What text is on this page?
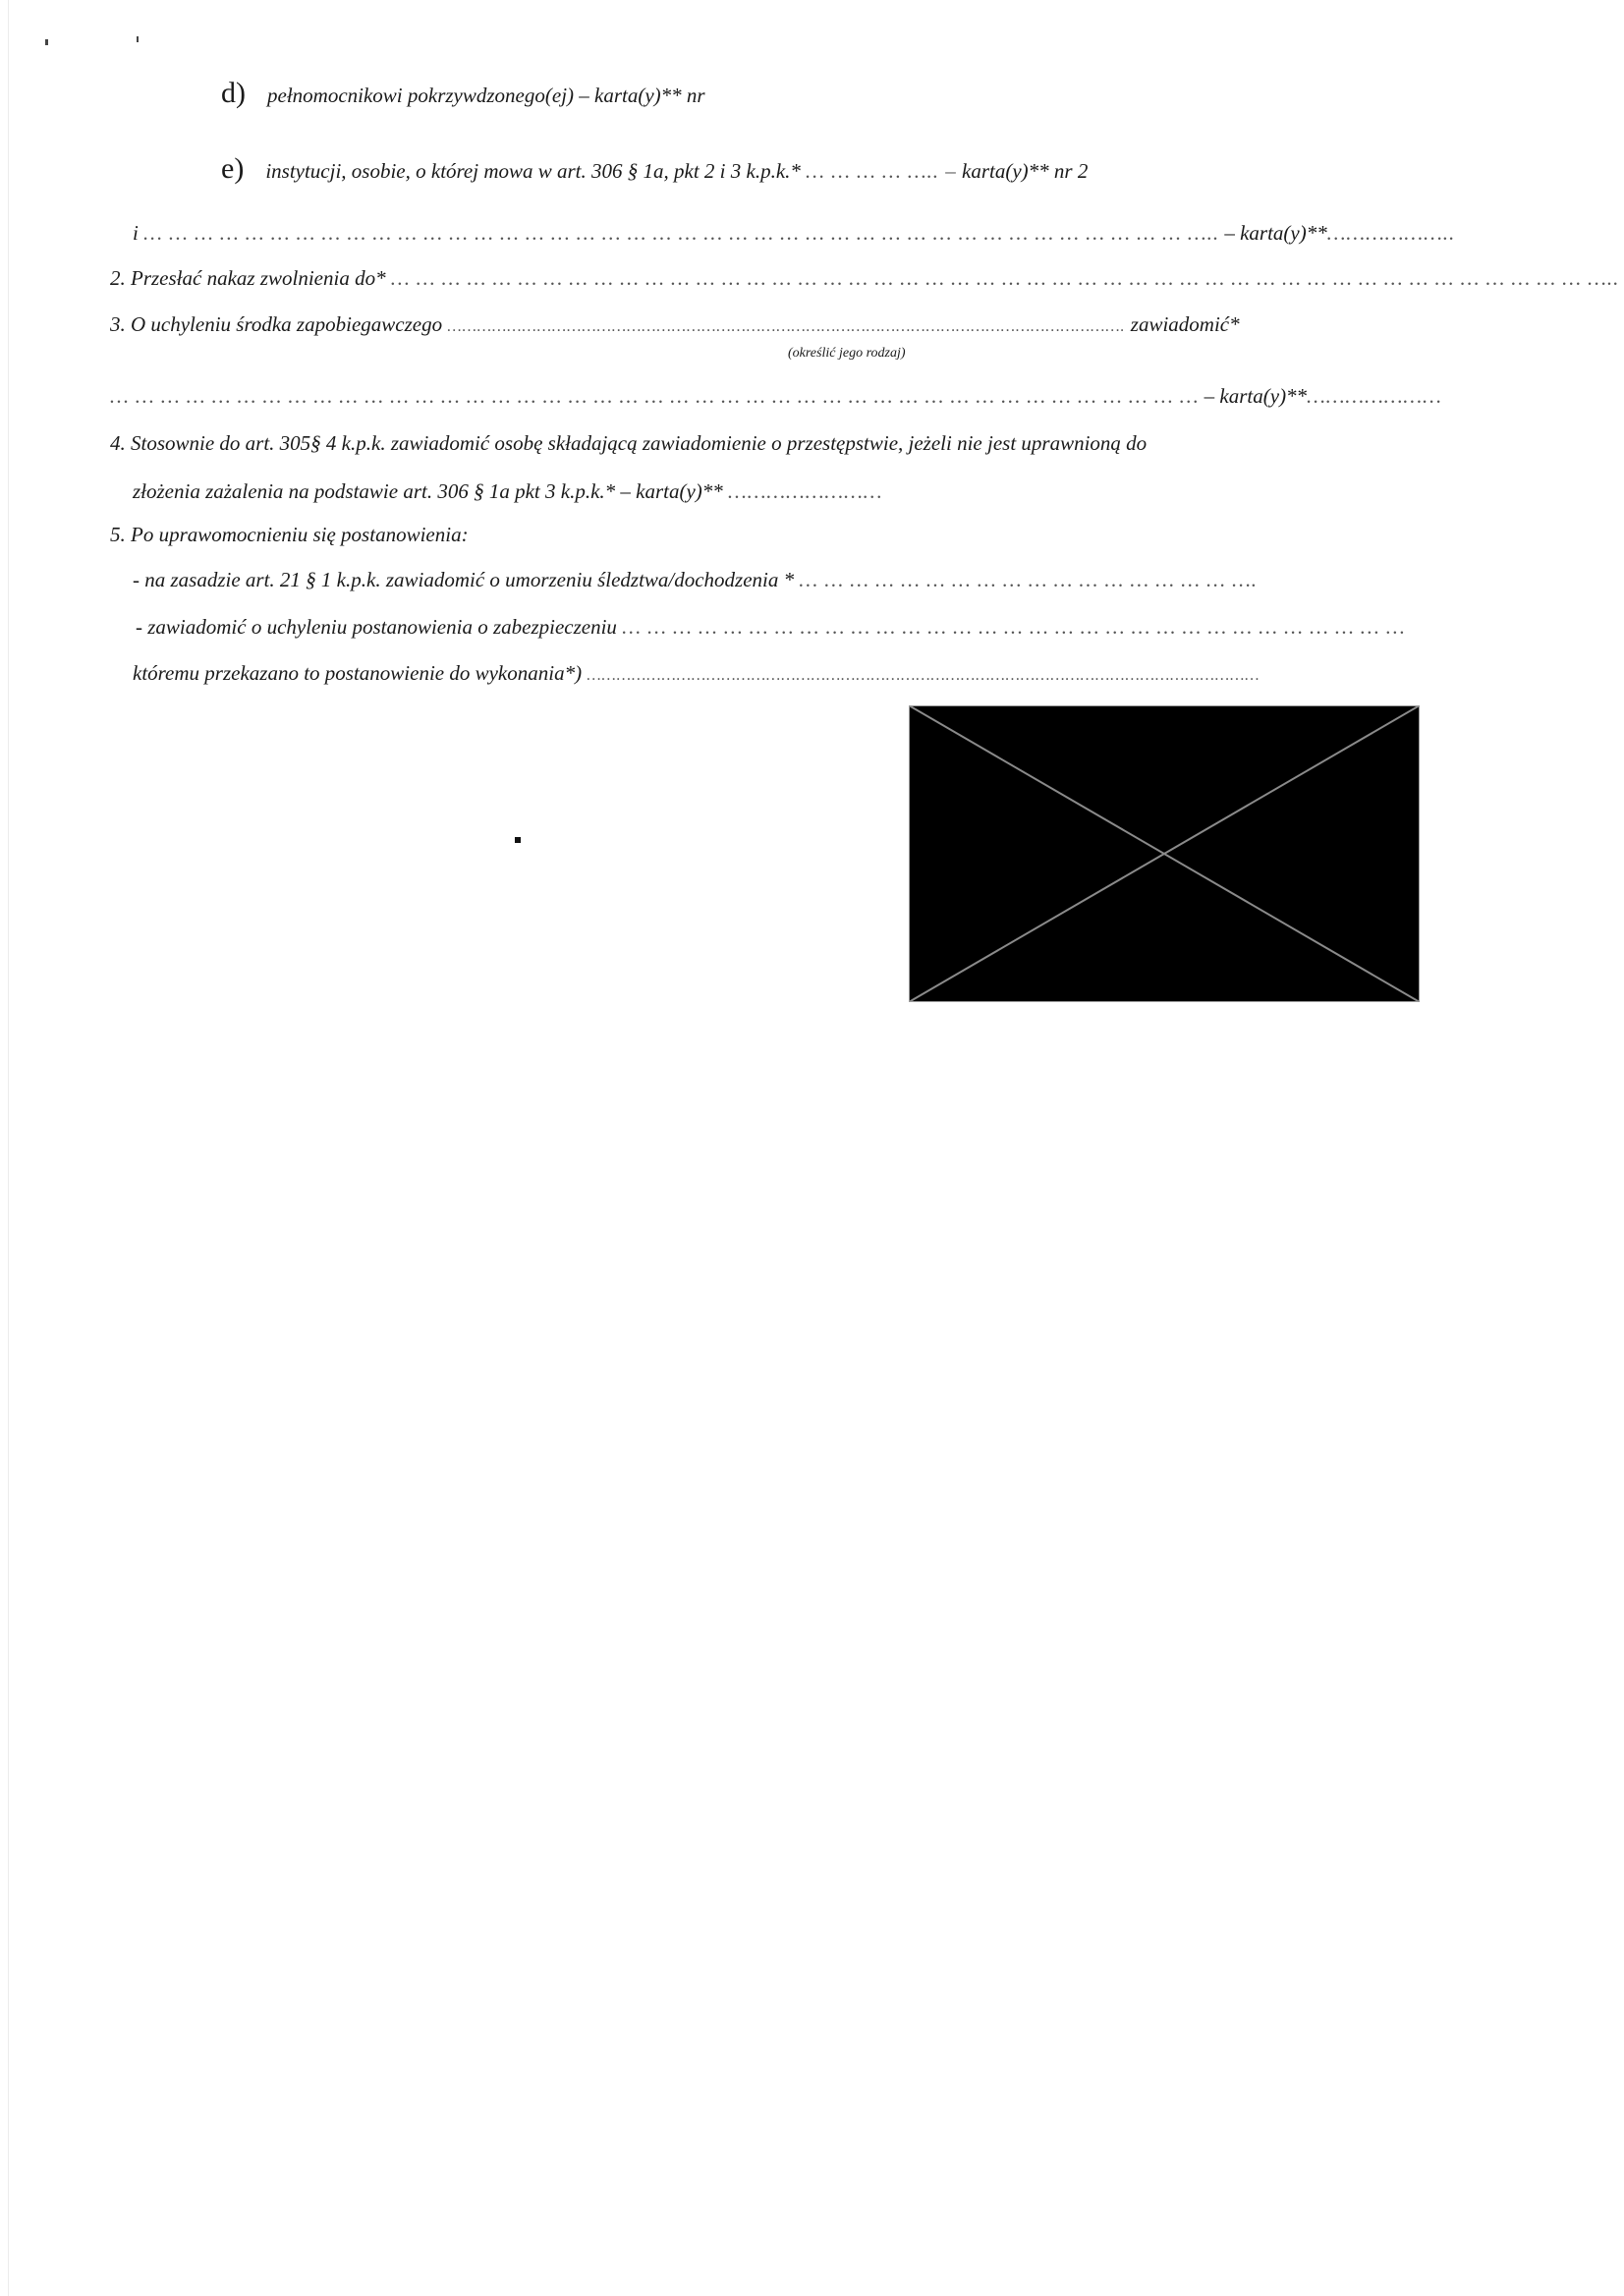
d) pełnomocnikowi pokrzywdzonego(ej) – karta(y)** nr
e) instytucji, osobie, o której mowa w art. 306 § 1a, pkt 2 i 3 k.p.k.* … … … … ….. – karta(y)** nr 2
i … … … … … … … … … … … … … … … … … … … … … … … … … … … … … … … … … … … … … … … … … ….. – karta(y)**………………..
2. Przesłać nakaz zwolnienia do* … … … … … … … … … … … … … … … … … … … … … … … … … … … … … … … … … … … … … … … … … … … … … … … …..
3. O uchyleniu środka zapobiegawczego ………………………………………………………………………………………………………………………. zawiadomić*
(określić jego rodzaj)
… … … … … … … … … … … … … … … … … … … … … … … … … … … … … … … … … … … … … … … … … … … – karta(y)**…………………
4. Stosownie do art. 305§ 4 k.p.k. zawiadomić osobę składającą zawiadomienie o przestępstwie, jeżeli nie jest uprawnioną do
złożenia zażalenia na podstawie art. 306 § 1a pkt 3 k.p.k.* – karta(y)** ……………………
5. Po uprawomocnieniu się postanowienia:
- na zasadzie art. 21 § 1 k.p.k. zawiadomić o umorzeniu śledztwa/dochodzenia * … … … … … … … … … … … … … … … … … ….
- zawiadomić o uchyleniu postanowienia o zabezpieczeniu … … … … … … … … … … … … … … … … … … … … … … … … … … … … … … …
któremu przekazano to postanowienie do wykonania*) ………………………………………………………………………………………………………………………
